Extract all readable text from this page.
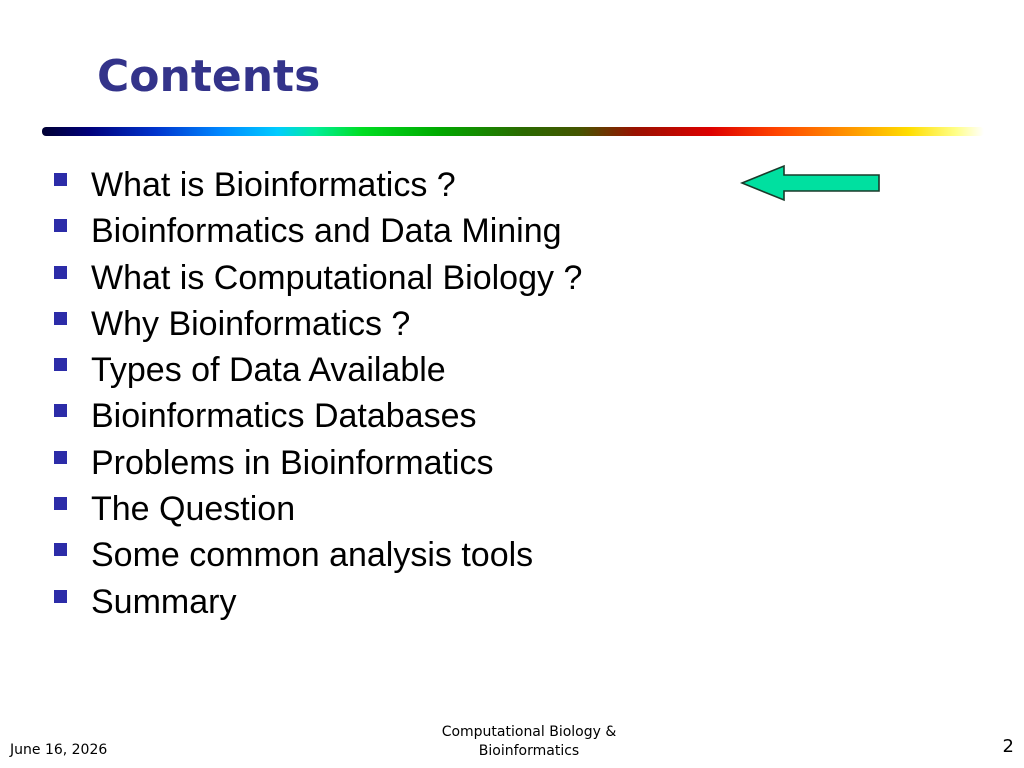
Contents
What is Bioinformatics ?
Bioinformatics and Data Mining
What is Computational Biology ?
Why Bioinformatics ?
Types of Data Available
Bioinformatics Databases
Problems in Bioinformatics
The Question
Some common analysis tools
Summary
June 16, 2026
Computational Biology &
Bioinformatics	2
